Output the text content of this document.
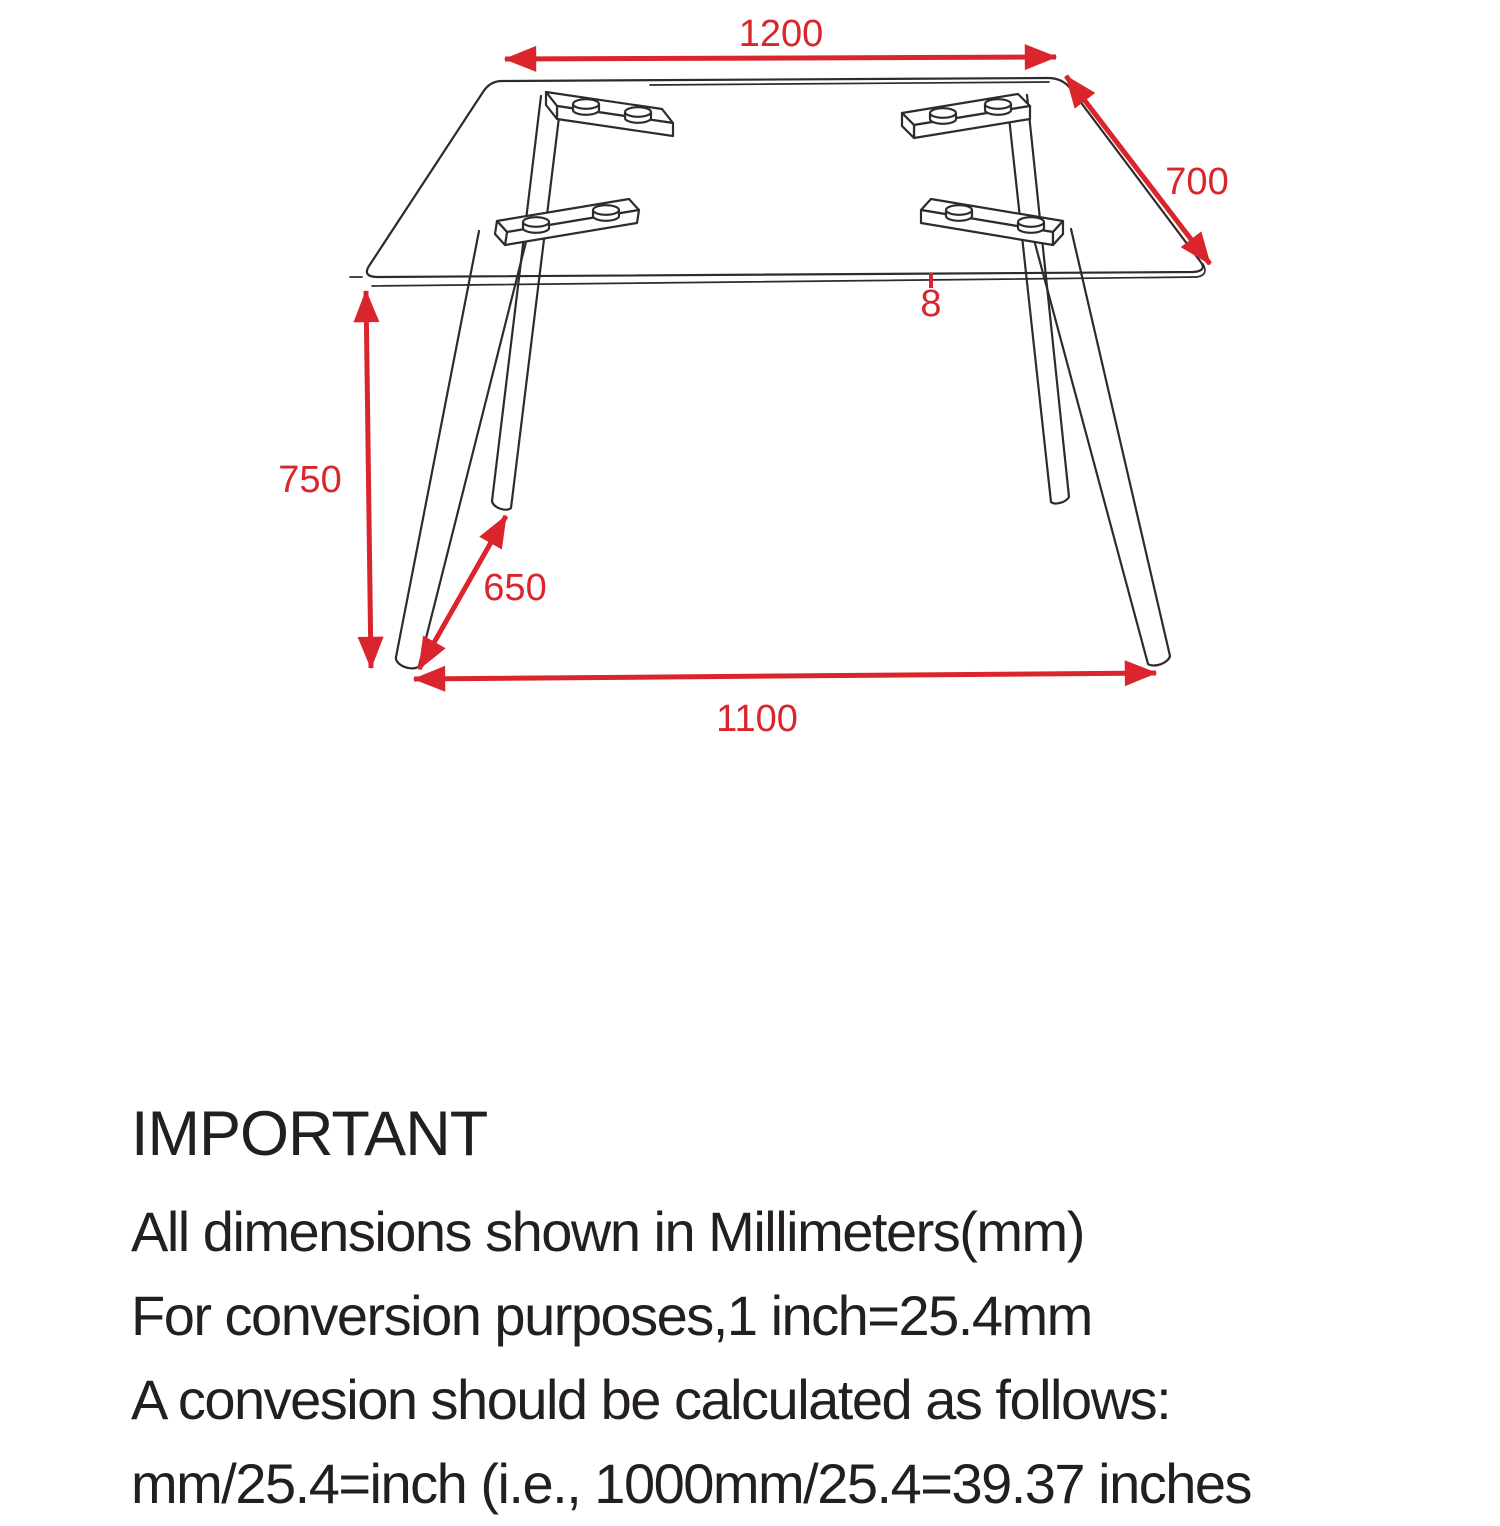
1200
700
8
750
650
1100
IMPORTANT
All dimensions shown in Millimeters(mm)
For conversion purposes,1 inch=25.4mm
A convesion should be calculated as follows:
mm/25.4=inch (i.e., 1000mm/25.4=39.37 inches
